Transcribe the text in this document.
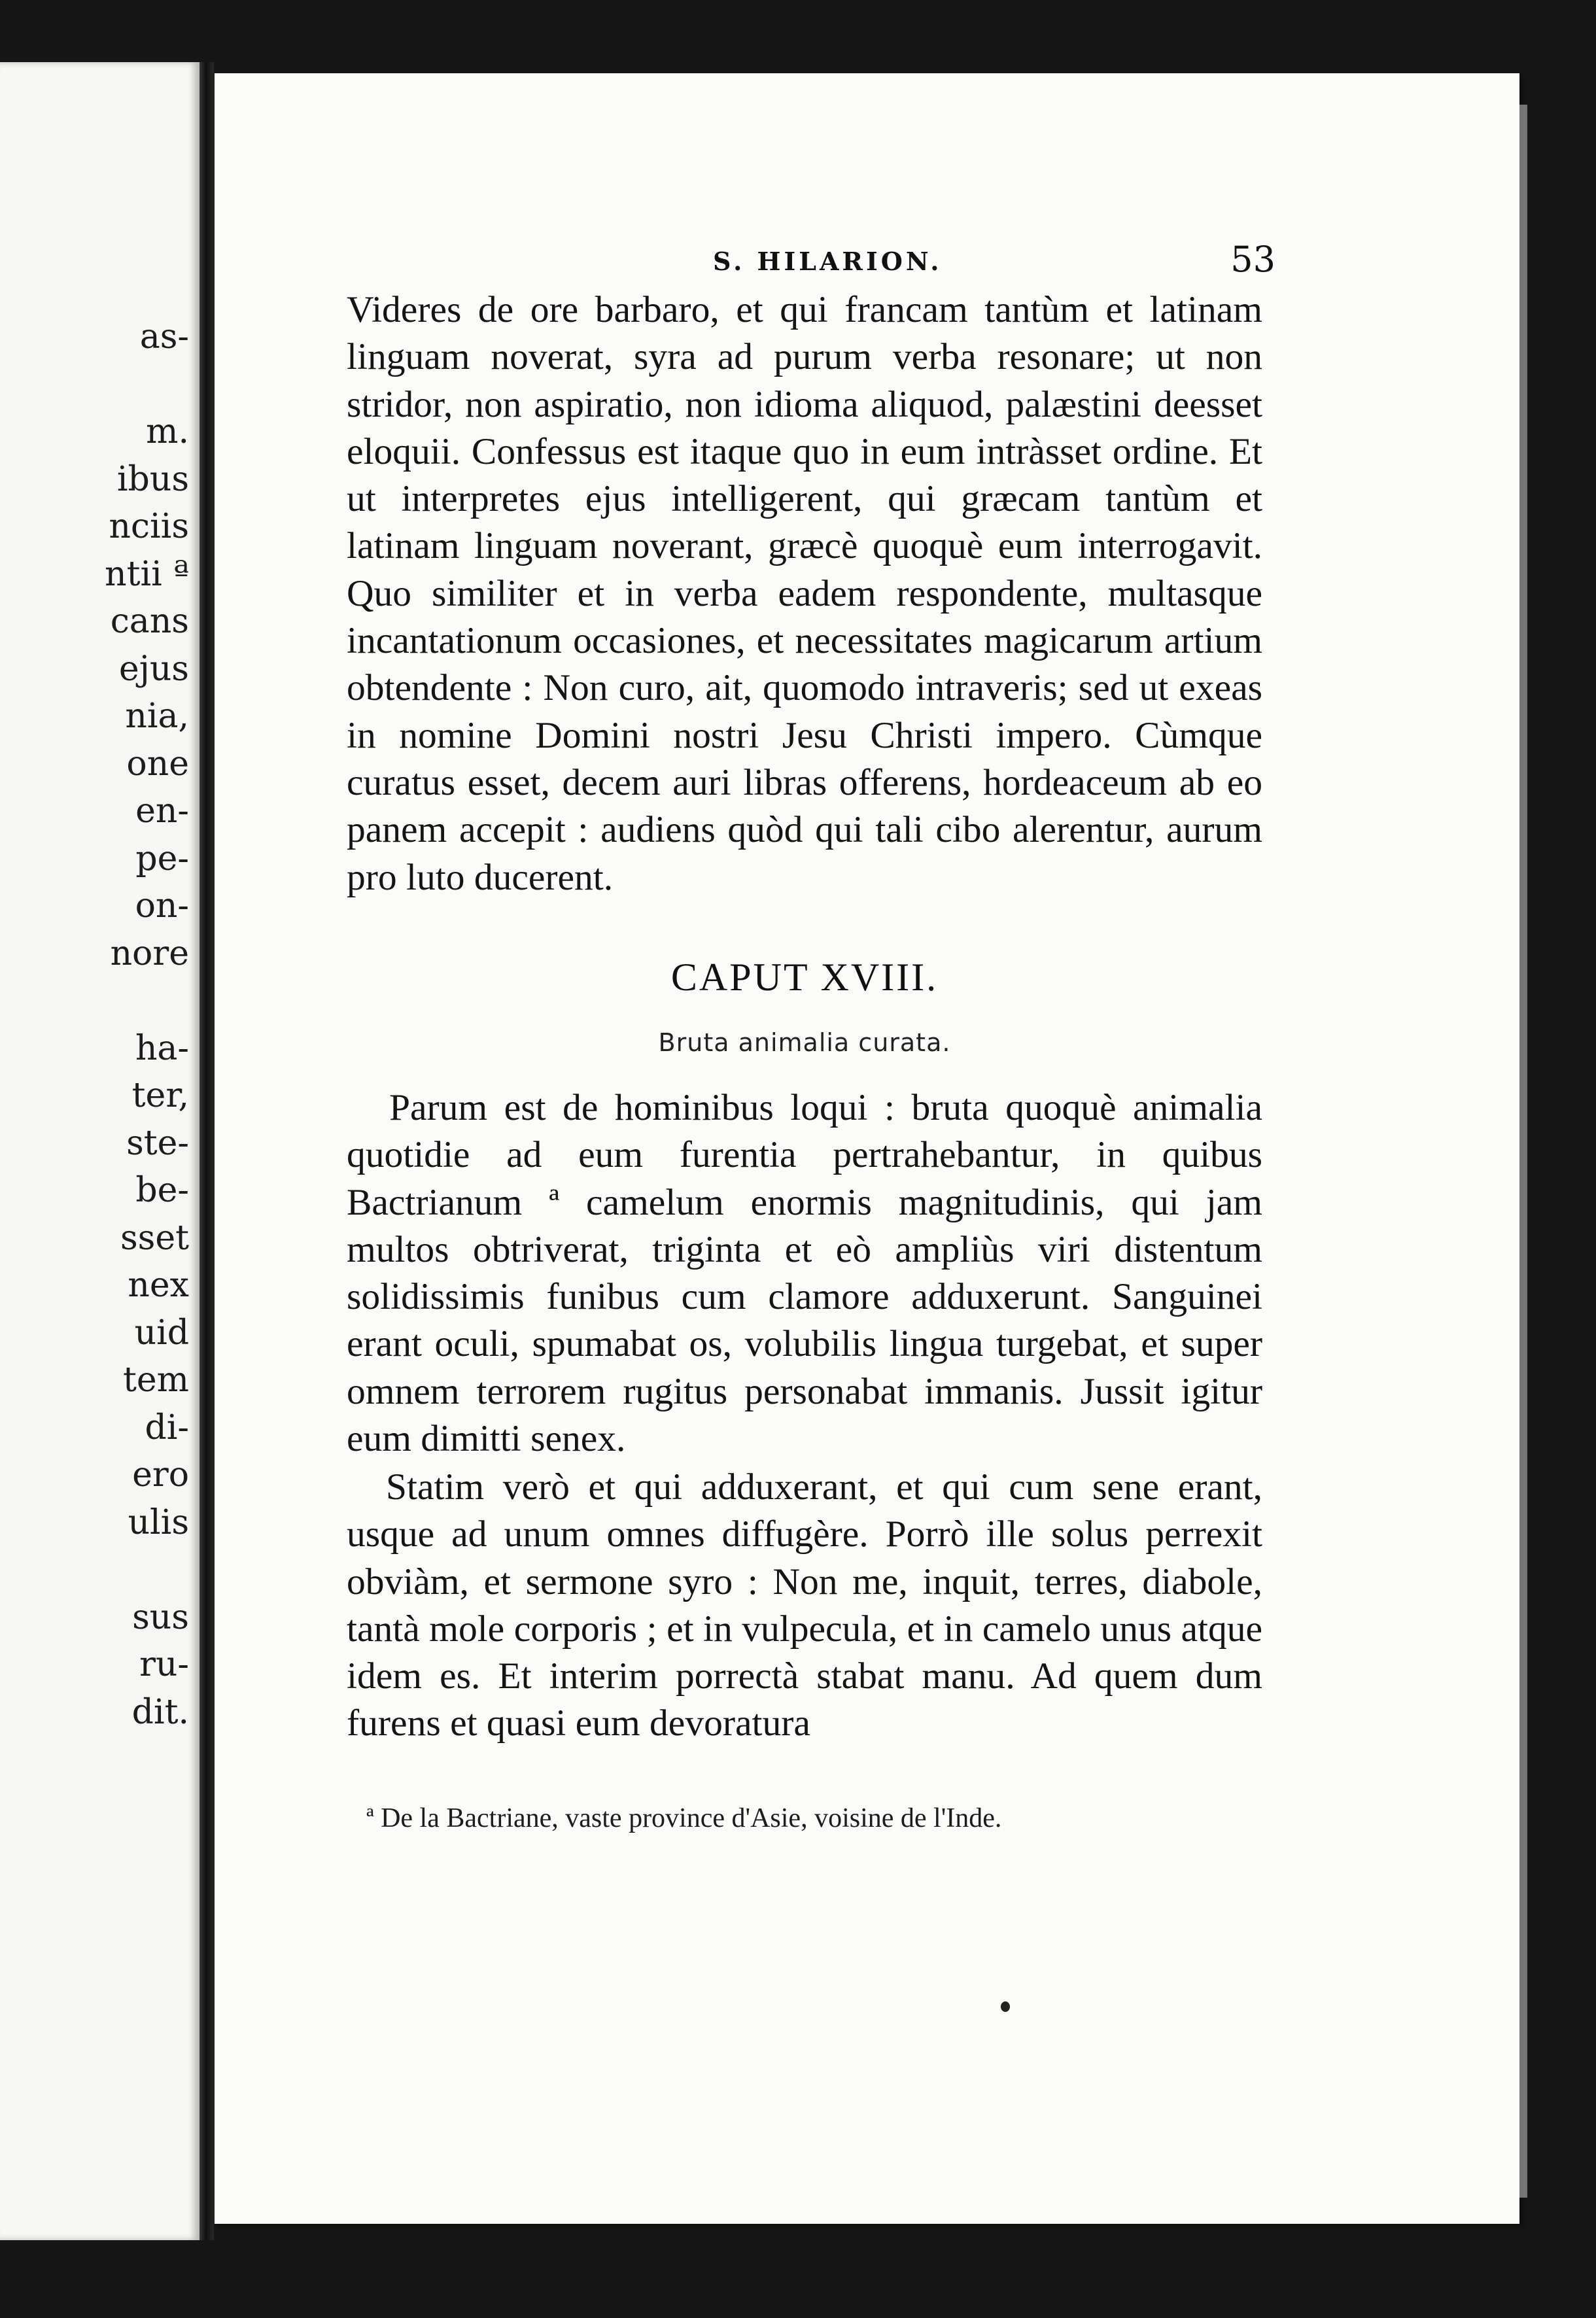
as-

m.

ibus

nciis

ntii ª

cans

ejus

nia,

one

en-

pe-

on-

nore

ha-

ter,

ste-

be-

sset

nex

uid

tem

di-

ero

ulis

sus

ru-

dit.

S. HILARION.	53

Videres de ore barbaro, et qui francam tantùm et latinam linguam noverat, syra ad purum verba resonare; ut non stridor, non aspiratio, non idioma aliquod, palæstini deesset eloquii. Confessus est itaque quo in eum intràsset ordine. Et ut interpretes ejus intelligerent, qui græcam tantùm et latinam linguam noverant, græcè quoquè eum interrogavit. Quo similiter et in verba eadem respondente, multasque incantationum occasiones, et necessitates magicarum artium obtendente : Non curo, ait, quomodo intraveris; sed ut exeas in nomine Domini nostri Jesu Christi impero. Cùmque curatus esset, decem auri libras offerens, hordeaceum ab eo panem accepit : audiens quòd qui tali cibo alerentur, aurum pro luto ducerent.

CAPUT XVIII.
Bruta animalia curata.

Parum est de hominibus loqui : bruta quoquè animalia quotidie ad eum furentia pertrahebantur, in quibus Bactrianum ª camelum enormis magnitudinis, qui jam multos obtriverat, triginta et eò ampliùs viri distentum solidissimis funibus cum clamore adduxerunt. Sanguinei erant oculi, spumabat os, volubilis lingua turgebat, et super omnem terrorem rugitus personabat immanis. Jussit igitur eum dimitti senex.

Statim verò et qui adduxerant, et qui cum sene erant, usque ad unum omnes diffugère. Porrò ille solus perrexit obviàm, et sermone syro : Non me, inquit, terres, diabole, tantà mole corporis ; et in vulpecula, et in camelo unus atque idem es. Et interim porrectà stabat manu. Ad quem dum furens et quasi eum devoratura

ª De la Bactriane, vaste province d'Asie, voisine de l'Inde.
